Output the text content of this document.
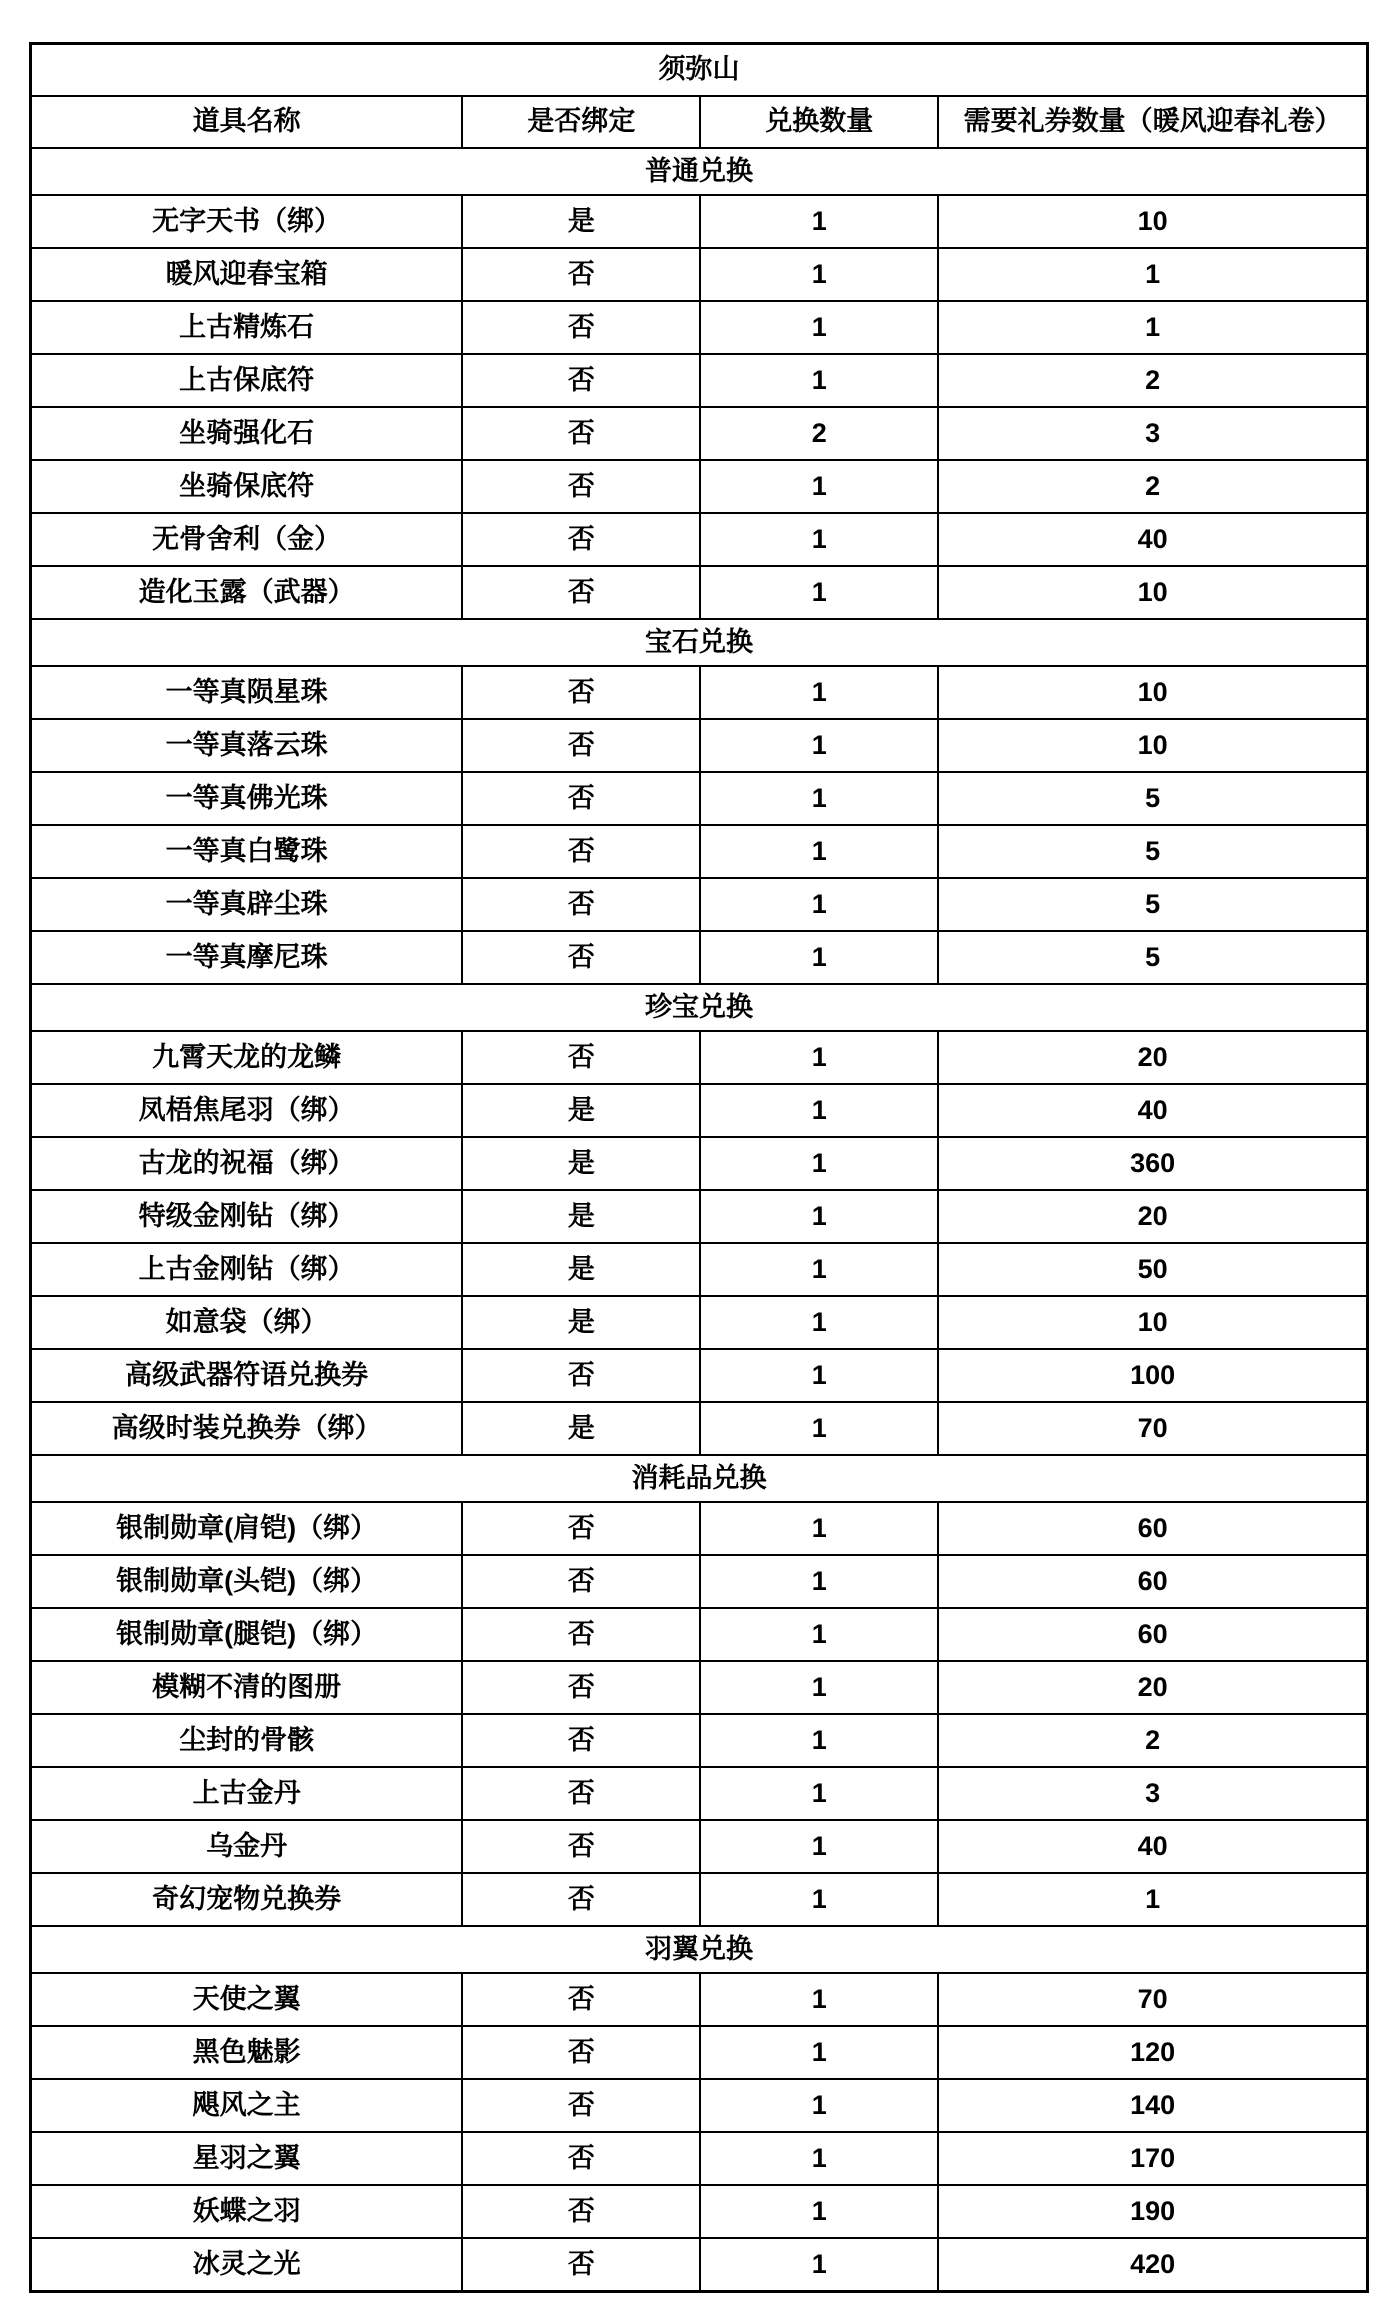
须弥山			
道具名称	是否绑定	兑换数量	需要礼券数量（暖风迎春礼卷）
普通兑换			
无字天书（绑）	是	1	10
暖风迎春宝箱	否	1	1
上古精炼石	否	1	1
上古保底符	否	1	2
坐骑强化石	否	2	3
坐骑保底符	否	1	2
无骨舍利（金）	否	1	40
造化玉露（武器）	否	1	10
宝石兑换			
一等真陨星珠	否	1	10
一等真落云珠	否	1	10
一等真佛光珠	否	1	5
一等真白鹭珠	否	1	5
一等真辟尘珠	否	1	5
一等真摩尼珠	否	1	5
珍宝兑换			
九霄天龙的龙鳞	否	1	20
凤梧焦尾羽（绑）	是	1	40
古龙的祝福（绑）	是	1	360
特级金刚钻（绑）	是	1	20
上古金刚钻（绑）	是	1	50
如意袋（绑）	是	1	10
高级武器符语兑换券	否	1	100
高级时装兑换券（绑）	是	1	70
消耗品兑换			
银制勋章(肩铠)（绑）	否	1	60
银制勋章(头铠)（绑）	否	1	60
银制勋章(腿铠)（绑）	否	1	60
模糊不清的图册	否	1	20
尘封的骨骸	否	1	2
上古金丹	否	1	3
乌金丹	否	1	40
奇幻宠物兑换券	否	1	1
羽翼兑换			
天使之翼	否	1	70
黑色魅影	否	1	120
飓风之主	否	1	140
星羽之翼	否	1	170
妖蝶之羽	否	1	190
冰灵之光	否	1	420
